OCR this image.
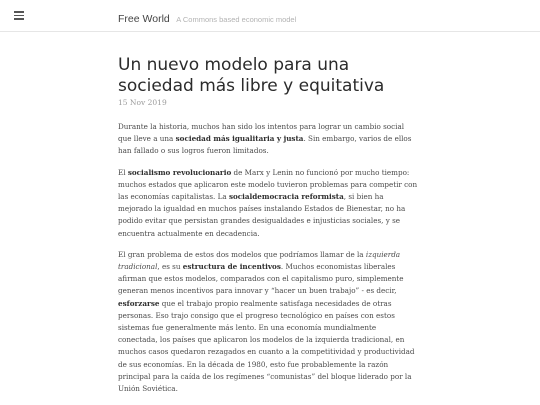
Free World A Commons based economic model
Un nuevo modelo para una sociedad más libre y equitativa
15 Nov 2019

Durante la historia, muchos han sido los intentos para lograr un cambio social que lleve a una sociedad más igualitaria y justa. Sin embargo, varios de ellos han fallado o sus logros fueron limitados.

El socialismo revolucionario de Marx y Lenin no funcionó por mucho tiempo: muchos estados que aplicaron este modelo tuvieron problemas para competir con las economías capitalistas. La socialdemocracia reformista, si bien ha mejorado la igualdad en muchos países instalando Estados de Bienestar, no ha podido evitar que persistan grandes desigualdades e injusticias sociales, y se encuentra actualmente en decadencia.

El gran problema de estos dos modelos que podríamos llamar de la izquierda tradicional, es su estructura de incentivos. Muchos economistas liberales afirman que estos modelos, comparados con el capitalismo puro, simplemente generan menos incentivos para innovar y “hacer un buen trabajo” - es decir, esforzarse que el trabajo propio realmente satisfaga necesidades de otras personas. Eso trajo consigo que el progreso tecnológico en países con estos sistemas fue generalmente más lento. En una economía mundialmente conectada, los países que aplicaron los modelos de la izquierda tradicional, en muchos casos quedaron rezagados en cuanto a la competitividad y productividad de sus economías. En la década de 1980, esto fue probablemente la razón principal para la caída de los regímenes “comunistas” del bloque liderado por la Unión Soviética.
